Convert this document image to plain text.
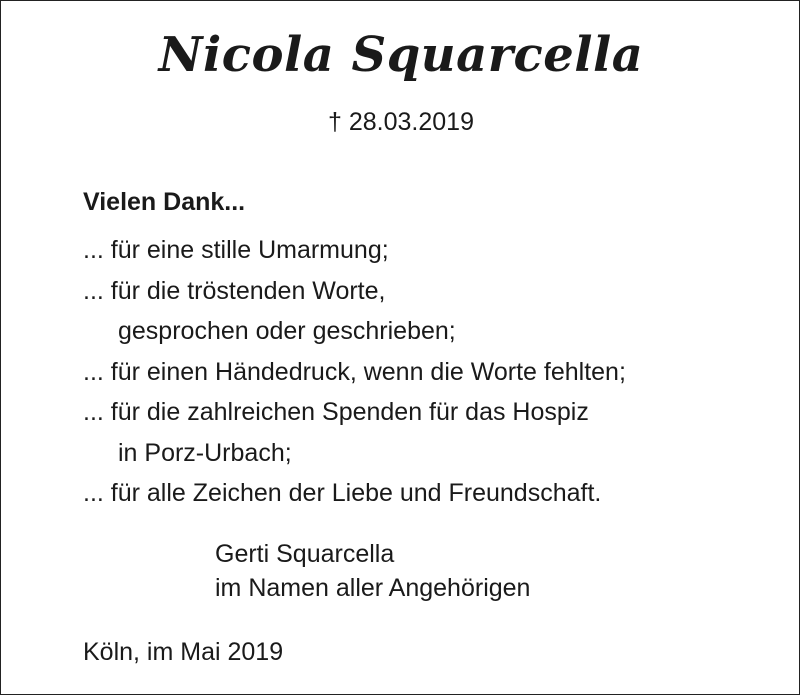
Nicola Squarcella
† 28.03.2019
Vielen Dank...
... für eine stille Umarmung;
... für die tröstenden Worte,
gesprochen oder geschrieben;
... für einen Händedruck, wenn die Worte fehlten;
... für die zahlreichen Spenden für das Hospiz
in Porz-Urbach;
... für alle Zeichen der Liebe und Freundschaft.
Gerti Squarcella
im Namen aller Angehörigen
Köln, im Mai 2019
